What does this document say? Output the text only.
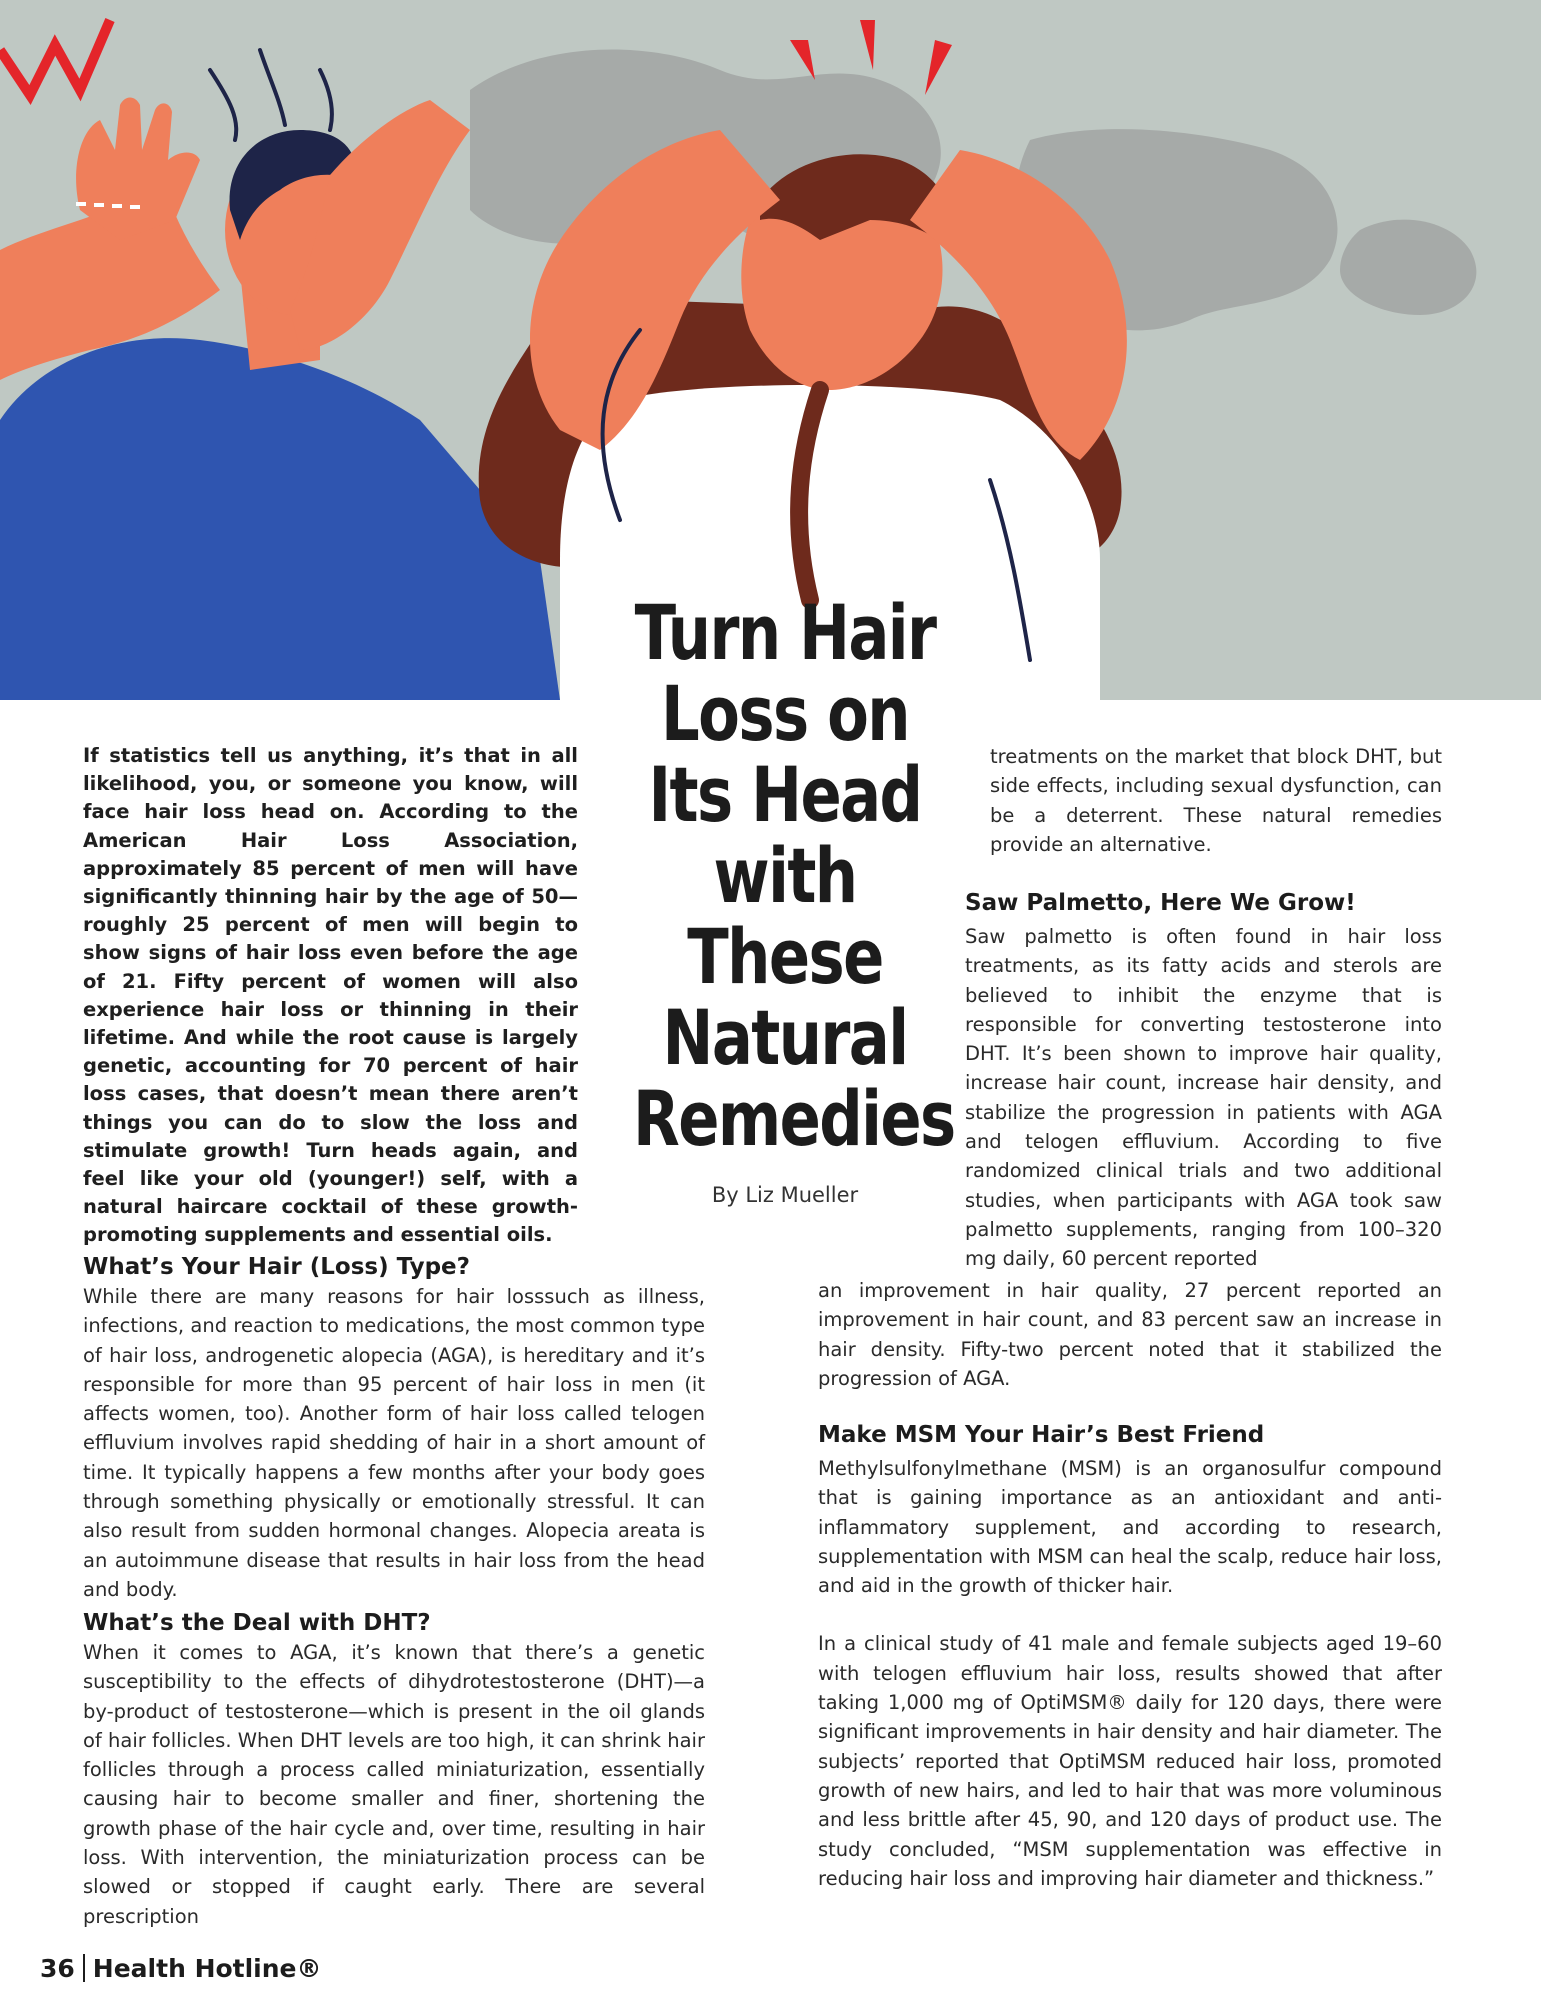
Turn Hair Loss on Its Head with These Natural Remedies
By Liz Mueller
If statistics tell us anything, it’s that in all likelihood, you, or someone you know, will face hair loss head on. According to the American Hair Loss Association, approximately 85 percent of men will have significantly thinning hair by the age of 50—roughly 25 percent of men will begin to show signs of hair loss even before the age of 21. Fifty percent of women will also experience hair loss or thinning in their lifetime. And while the root cause is largely genetic, accounting for 70 percent of hair loss cases, that doesn’t mean there aren’t things you can do to slow the loss and stimulate growth! Turn heads again, and feel like your old (younger!) self, with a natural haircare cocktail of these growth-promoting supplements and essential oils.
What’s Your Hair (Loss) Type?
While there are many reasons for hair losssuch as illness, infections, and reaction to medications, the most common type of hair loss, androgenetic alopecia (AGA), is hereditary and it’s responsible for more than 95 percent of hair loss in men (it affects women, too). Another form of hair loss called telogen effluvium involves rapid shedding of hair in a short amount of time. It typically happens a few months after your body goes through something physically or emotionally stressful. It can also result from sudden hormonal changes. Alopecia areata is an autoimmune disease that results in hair loss from the head and body.
What’s the Deal with DHT?
When it comes to AGA, it’s known that there’s a genetic susceptibility to the effects of dihydrotestosterone (DHT)—a by-product of testosterone—which is present in the oil glands of hair follicles. When DHT levels are too high, it can shrink hair follicles through a process called miniaturization, essentially causing hair to become smaller and finer, shortening the growth phase of the hair cycle and, over time, resulting in hair loss. With intervention, the miniaturization process can be slowed or stopped if caught early. There are several prescription
treatments on the market that block DHT, but side effects, including sexual dysfunction, can be a deterrent. These natural remedies provide an alternative.
Saw Palmetto, Here We Grow!
Saw palmetto is often found in hair loss treatments, as its fatty acids and sterols are believed to inhibit the enzyme that is responsible for converting testosterone into DHT. It’s been shown to improve hair quality, increase hair count, increase hair density, and stabilize the progression in patients with AGA and telogen effluvium. According to five randomized clinical trials and two additional studies, when participants with AGA took saw palmetto supplements, ranging from 100–320 mg daily, 60 percent reported
an improvement in hair quality, 27 percent reported an improvement in hair count, and 83 percent saw an increase in hair density. Fifty-two percent noted that it stabilized the progression of AGA.
Make MSM Your Hair’s Best Friend

Methylsulfonylmethane (MSM) is an organosulfur compound that is gaining importance as an antioxidant and anti-inflammatory supplement, and according to research, supplementation with MSM can heal the scalp, reduce hair loss, and aid in the growth of thicker hair.

In a clinical study of 41 male and female subjects aged 19–60 with telogen effluvium hair loss, results showed that after taking 1,000 mg of OptiMSM® daily for 120 days, there were significant improvements in hair density and hair diameter. The subjects’ reported that OptiMSM reduced hair loss, promoted growth of new hairs, and led to hair that was more voluminous and less brittle after 45, 90, and 120 days of product use. The study concluded, “MSM supplementation was effective in reducing hair loss and improving hair diameter and thickness.”

36 Health Hotline®
